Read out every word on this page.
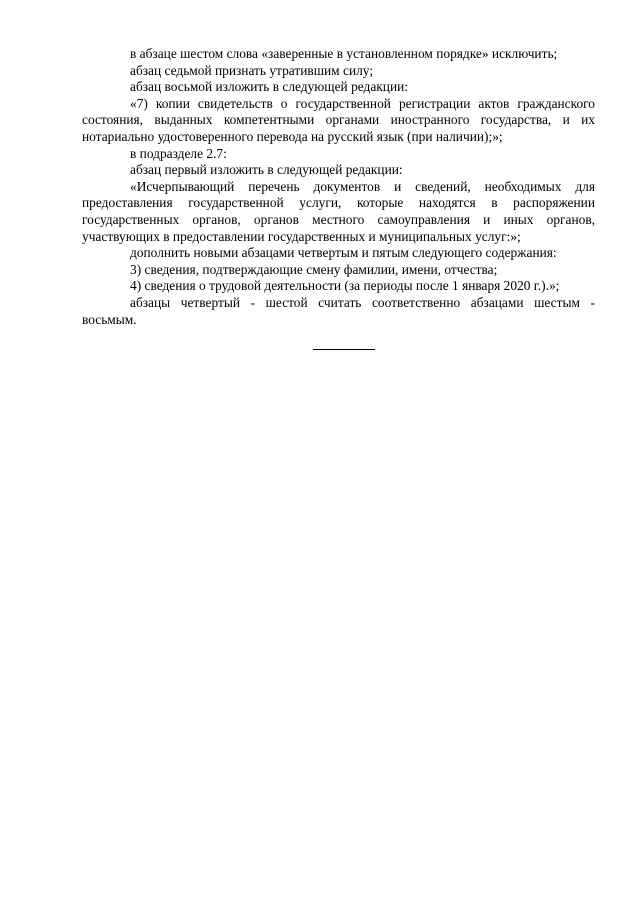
в абзаце шестом слова «заверенные в установленном порядке» исключить;

абзац седьмой признать утратившим силу;

абзац восьмой изложить в следующей редакции:

«7) копии свидетельств о государственной регистрации актов гражданского состояния, выданных компетентными органами иностранного государства, и их нотариально удостоверенного перевода на русский язык (при наличии);»;

в подразделе 2.7:

абзац первый изложить в следующей редакции:

«Исчерпывающий перечень документов и сведений, необходимых для предоставления государственной услуги, которые находятся в распоряжении государственных органов, органов местного самоуправления и иных органов, участвующих в предоставлении государственных и муниципальных услуг:»;

дополнить новыми абзацами четвертым и пятым следующего содержания:

3) сведения, подтверждающие смену фамилии, имени, отчества;

4) сведения о трудовой деятельности (за периоды после 1 января 2020 г.).»;

абзацы четвертый - шестой считать соответственно абзацами шестым - восьмым.
